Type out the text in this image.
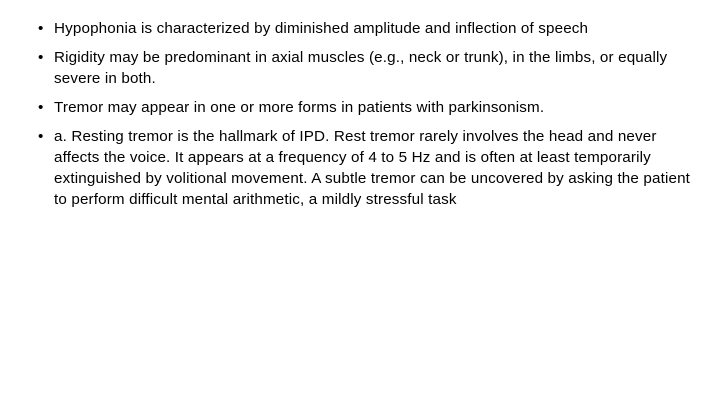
• Hypophonia is characterized by diminished amplitude and inflection of speech
• Rigidity may be predominant in axial muscles (e.g., neck or trunk), in the limbs, or equally severe in both.
• Tremor may appear in one or more forms in patients with parkinsonism.
• a. Resting tremor is the hallmark of IPD. Rest tremor rarely involves the head and never affects the voice. It appears at a frequency of 4 to 5 Hz and is often at least temporarily extinguished by volitional movement. A subtle tremor can be uncovered by asking the patient to perform difficult mental arithmetic, a mildly stressful task
